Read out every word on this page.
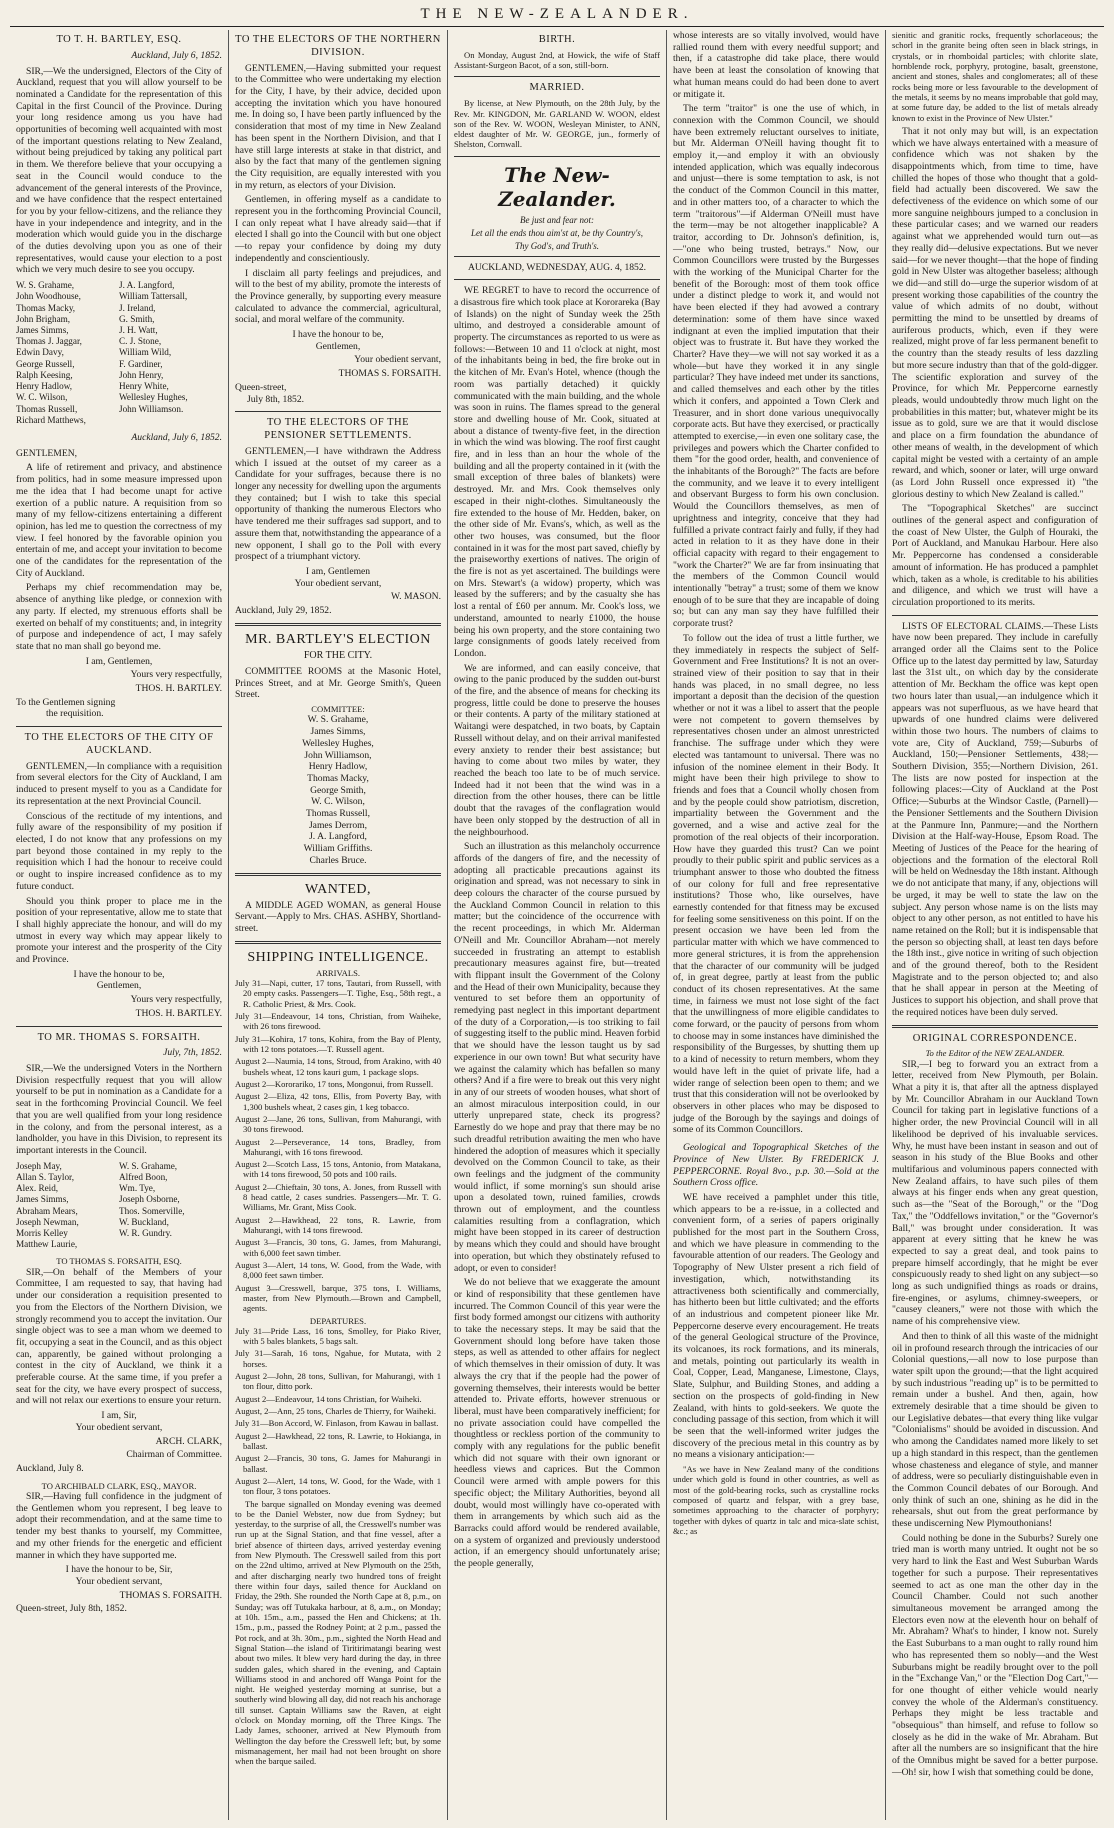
THE NEW-ZEALANDER.
TO T. H. BARTLEY, ESQ.
Auckland, July 6, 1852.

SIR,—We the undersigned, Electors of the City of Auckland, request that you will allow yourself to be nominated a Candidate for the representation of this Capital in the first Council of the Province. During your long residence among us you have had opportunities of becoming well acquainted with most of the important questions relating to New Zealand, without being prejudiced by taking any political part in them. We therefore believe that your occupying a seat in the Council would conduce to the advancement of the general interests of the Province, and we have confidence that the respect entertained for you by your fellow-citizens, and the reliance they have in your independence and integrity, and in the moderation which would guide you in the discharge of the duties devolving upon you as one of their representatives, would cause your election to a post which we very much desire to see you occupy.

W. S. Grahame,
John Woodhouse,
Thomas Macky,
John Brigham,
James Simms,
Thomas J. Jaggar,
Edwin Davy,
George Russell,
Ralph Keesing,
Henry Hadlow,
W. C. Wilson,
Thomas Russell,
Richard Matthews,
J. A. Langford,
William Tattersall,
J. Ireland,
G. Smith,
J. H. Watt,
C. J. Stone,
William Wild,
F. Gardiner,
John Henry,
Henry White,
Wellesley Hughes,
John Williamson.
Auckland, July 6, 1852.
GENTLEMEN,

A life of retirement and privacy, and abstinence from politics, had in some measure impressed upon me the idea that I had become unapt for active exertion of a public nature. A requisition from so many of my fellow-citizens entertaining a different opinion, has led me to question the correctness of my view. I feel honored by the favorable opinion you entertain of me, and accept your invitation to become one of the candidates for the representation of the City of Auckland.

Perhaps my chief recommendation may be, absence of anything like pledge, or connexion with any party. If elected, my strenuous efforts shall be exerted on behalf of my constituents; and, in integrity of purpose and independence of act, I may safely state that no man shall go beyond me.

I am, Gentlemen,
Yours very respectfully,
THOS. H. BARTLEY.
To the Gentlemen signing
the requisition.
TO THE ELECTORS OF THE CITY OF AUCKLAND.

GENTLEMEN,—In compliance with a requisition from several electors for the City of Auckland, I am induced to present myself to you as a Candidate for its representation at the next Provincial Council.

Conscious of the rectitude of my intentions, and fully aware of the responsibility of my position if elected, I do not know that any professions on my part beyond those contained in my reply to the requisition which I had the honour to receive could or ought to inspire increased confidence as to my future conduct.

Should you think proper to place me in the position of your representative, allow me to state that I shall highly appreciate the honour, and will do my utmost in every way which may appear likely to promote your interest and the prosperity of the City and Province.

I have the honour to be,
Gentlemen,
Yours very respectfully,
THOS. H. BARTLEY.
TO MR. THOMAS S. FORSAITH.
July, 7th, 1852.

SIR,—We the undersigned Voters in the Northern Division respectfully request that you will allow yourself to be put in nomination as a Candidate for a seat in the forthcoming Provincial Council. We feel that you are well qualified from your long residence in the colony, and from the personal interest, as a landholder, you have in this Division, to represent its important interests in the Council.

Joseph May,
Allan S. Taylor,
Alex. Reid,
James Simms,
Abraham Mears,
Joseph Newman,
Morris Kelley
Matthew Laurie,
W. S. Grahame,
Alfred Boon,
Wm. Tye,
Joseph Osborne,
Thos. Somerville,
W. Buckland,
W. R. Gundry.
TO THOMAS S. FORSAITH, ESQ.

SIR,—On behalf of the Members of your Committee, I am requested to say, that having had under our consideration a requisition presented to you from the Electors of the Northern Division, we strongly recommend you to accept the invitation. Our single object was to see a man whom we deemed to fit, occupying a seat in the Council, and as this object can, apparently, be gained without prolonging a contest in the city of Auckland, we think it a preferable course. At the same time, if you prefer a seat for the city, we have every prospect of success, and will not relax our exertions to ensure your return.

I am, Sir,
Your obedient servant,
ARCH. CLARK,
Chairman of Committee.
Auckland, July 8.
TO ARCHIBALD CLARK, ESQ., MAYOR.

SIR,—Having full confidence in the judgment of the Gentlemen whom you represent, I beg leave to adopt their recommendation, and at the same time to tender my best thanks to yourself, my Committee, and my other friends for the energetic and efficient manner in which they have supported me.

I have the honour to be, Sir,
Your obedient servant,
THOMAS S. FORSAITH.
Queen-street, July 8th, 1852.
TO THE ELECTORS OF THE NORTHERN DIVISION.

GENTLEMEN,—Having submitted your request to the Committee who were undertaking my election for the City, I have, by their advice, decided upon accepting the invitation which you have honoured me. In doing so, I have been partly influenced by the consideration that most of my time in New Zealand has been spent in the Northern Division, and that I have still large interests at stake in that district, and also by the fact that many of the gentlemen signing the City requisition, are equally interested with you in my return, as electors of your Division.

Gentlemen, in offering myself as a candidate to represent you in the forthcoming Provincial Council, I can only repeat what I have already said—that if elected I shall go into the Council with but one object—to repay your confidence by doing my duty independently and conscientiously.

I disclaim all party feelings and prejudices, and will to the best of my ability, promote the interests of the Province generally, by supporting every measure calculated to advance the commercial, agricultural, social, and moral welfare of the community.

I have the honour to be,
Gentlemen,
Your obedient servant,
THOMAS S. FORSAITH.
Queen-street,
July 8th, 1852.
TO THE ELECTORS OF THE PENSIONER SETTLEMENTS.

GENTLEMEN,—I have withdrawn the Address which I issued at the outset of my career as a Candidate for your suffrages, because there is no longer any necessity for dwelling upon the arguments they contained; but I wish to take this special opportunity of thanking the numerous Electors who have tendered me their suffrages sad support, and to assure them that, notwithstanding the appearance of a new opponent, I shall go to the Poll with every prospect of a triumphant victory.

I am, Gentlemen
Your obedient servant,
W. MASON.
Auckland, July 29, 1852.
MR. BARTLEY'S ELECTION
FOR THE CITY.

COMMITTEE ROOMS at the Masonic Hotel, Princes Street, and at Mr. George Smith's, Queen Street.

COMMITTEE:
W. S. Grahame,
James Simms,
Wellesley Hughes,
John Williamson,
Henry Hadlow,
Thomas Macky,
George Smith,
W. C. Wilson,
Thomas Russell,
James Derrom,
J. A. Langford,
William Griffiths.
Charles Bruce.
WANTED,

A MIDDLE AGED WOMAN, as general House Servant.—Apply to Mrs. CHAS. ASHBY, Shortland-street.

SHIPPING INTELLIGENCE.
ARRIVALS.
July 31—Napi, cutter, 17 tons, Tautari, from Russell, with 20 empty casks. Passengers—T. Tighe, Esq., 58th regt., a R. Catholic Priest, & Mrs. Cook.
July 31—Endeavour, 14 tons, Christian, from Waiheke, with 26 tons firewood.
July 31—Kohira, 17 tons, Kohira, from the Bay of Plenty, with 12 tons potatoes.—T. Russell agent.
August 2—Naumia, 14 tons, Stroud, from Arakino, with 40 bushels wheat, 12 tons kauri gum, 1 package slops.
August 2—Kororariko, 17 tons, Mongonui, from Russell.
August 2—Eliza, 42 tons, Ellis, from Poverty Bay, with 1,300 bushels wheat, 2 cases gin, 1 keg tobacco.
August 2—Jane, 26 tons, Sullivan, from Mahurangi, with 30 tons firewood.
August 2—Perseverance, 14 tons, Bradley, from Mahurangi, with 16 tons firewood.
August 2—Scotch Lass, 15 tons, Antonio, from Matakana, with 14 tons firewood, 50 pots and 100 rails.
August 2—Chieftain, 30 tons, A. Jones, from Russell with 8 head cattle, 2 cases sundries. Passengers—Mr. T. G. Williams, Mr. Grant, Miss Cook.
August 2—Hawkhead, 22 tons, R. Lawrie, from Mahurangi, with 14 tons firewood.
August 3—Francis, 30 tons, G. James, from Mahurangi, with 6,000 feet sawn timber.
August 3—Alert, 14 tons, W. Good, from the Wade, with 8,000 feet sawn timber.
August 3—Cresswell, barque, 375 tons, I. Williams, master, from New Plymouth.—Brown and Campbell, agents.
DEPARTURES.
July 31—Pride Lass, 16 tons, Smolley, for Piako River, with 5 bales blankets, 5 bags salt.
July 31—Sarah, 16 tons, Ngahue, for Mutata, with 2 horses.
August 2—John, 28 tons, Sullivan, for Mahurangi, with 1 ton flour, ditto pork.
August 2—Endeavour, 14 tons Christian, for Waiheki.
August, 2—Ann, 25 tons, Charles de Thierry, for Waiheki.
July 31—Bon Accord, W. Finlason, from Kawau in ballast.
August 2—Hawkhead, 22 tons, R. Lawrie, to Hokianga, in ballast.
August 2—Francis, 30 tons, G. James for Mahurangi in ballast.
August 2—Alert, 14 tons, W. Good, for the Wade, with 1 ton flour, 3 tons potatoes.

The barque signalled on Monday evening was deemed to be the Daniel Webster, now due from Sydney; but yesterday, to the surprise of all, the Cresswell's number was run up at the Signal Station, and that fine vessel, after a brief absence of thirteen days, arrived yesterday evening from New Plymouth. The Cresswell sailed from this port on the 22nd ultimo, arrived at New Plymouth on the 25th, and after discharging nearly two hundred tons of freight there within four days, sailed thence for Auckland on Friday, the 29th. She rounded the North Cape at 8, p.m., on Sunday; was off Tutukaka harbour, at 8, a.m., on Monday; at 10h. 15m., a.m., passed the Hen and Chickens; at 1h. 15m., p.m., passed the Rodney Point; at 2 p.m., passed the Pot rock, and at 3h. 30m., p.m., sighted the North Head and Signal Station—the island of Tiritirimatangi bearing west about two miles. It blew very hard during the day, in three sudden gales, which shared in the evening, and Captain Williams stood in and anchored off Wanga Point for the night. He weighed yesterday morning at sunrise, but a southerly wind blowing all day, did not reach his anchorage till sunset. Captain Williams saw the Raven, at eight o'clock on Monday morning, off the Three Kings. The Lady James, schooner, arrived at New Plymouth from Wellington the day before the Cresswell left; but, by some mismanagement, her mail had not been brought on shore when the barque sailed.

BIRTH.

On Monday, August 2nd, at Howick, the wife of Staff Assistant-Surgeon Bacot, of a son, still-born.

MARRIED.

By license, at New Plymouth, on the 28th July, by the Rev. Mr. KINGDON, Mr. GARLAND W. WOON, eldest son of the Rev. W. WOON, Wesleyan Minister, to ANN, eldest daughter of Mr. W. GEORGE, jun., formerly of Shelston, Cornwall.

The New-Zealander.
Be just and fear not:
Let all the ends thou aim'st at, be thy Country's,
Thy God's, and Truth's.
AUCKLAND, WEDNESDAY, AUG. 4, 1852.

WE REGRET to have to record the occurrence of a disastrous fire which took place at Kororareka (Bay of Islands) on the night of Sunday week the 25th ultimo, and destroyed a considerable amount of property. The circumstances as reported to us were as follows:—Between 10 and 11 o'clock at night, most of the inhabitants being in bed, the fire broke out in the kitchen of Mr. Evan's Hotel, whence (though the room was partially detached) it quickly communicated with the main building, and the whole was soon in ruins. The flames spread to the general store and dwelling house of Mr. Cook, situated at about a distance of twenty-five feet, in the direction in which the wind was blowing. The roof first caught fire, and in less than an hour the whole of the building and all the property contained in it (with the small exception of three bales of blankets) were destroyed. Mr. and Mrs. Cook themselves only escaped in their night-clothes. Simultaneously the fire extended to the house of Mr. Hedden, baker, on the other side of Mr. Evans's, which, as well as the other two houses, was consumed, but the floor contained in it was for the most part saved, chiefly by the praiseworthy exertions of natives. The origin of the fire is not as yet ascertained. The buildings were on Mrs. Stewart's (a widow) property, which was leased by the sufferers; and by the casualty she has lost a rental of £60 per annum. Mr. Cook's loss, we understand, amounted to nearly £1000, the house being his own property, and the store containing two large consignments of goods lately received from London.

We are informed, and can easily conceive, that owing to the panic produced by the sudden out-burst of the fire, and the absence of means for checking its progress, little could be done to preserve the houses or their contents. A party of the military stationed at Waitangi were despatched, in two boats, by Captain Russell without delay, and on their arrival manifested every anxiety to render their best assistance; but having to come about two miles by water, they reached the beach too late to be of much service. Indeed had it not been that the wind was in a direction from the other houses, there can be little doubt that the ravages of the conflagration would have been only stopped by the destruction of all in the neighbourhood.

Such an illustration as this melancholy occurrence affords of the dangers of fire, and the necessity of adopting all practicable precautions against its origination and spread, was not necessary to sink in deep colours the character of the course pursued by the Auckland Common Council in relation to this matter; but the coincidence of the occurrence with the recent proceedings, in which Mr. Alderman O'Neill and Mr. Councillor Abraham—not merely succeeded in frustrating an attempt to establish precautionary measures against fire, but—treated with flippant insult the Government of the Colony and the Head of their own Municipality, because they ventured to set before them an opportunity of remedying past neglect in this important department of the duty of a Corporation,—is too striking to fail of suggesting itself to the public mind. Heaven forbid that we should have the lesson taught us by sad experience in our own town! But what security have we against the calamity which has befallen so many others? And if a fire were to break out this very night in any of our streets of wooden houses, what short of an almost miraculous interposition could, in our utterly unprepared state, check its progress? Earnestly do we hope and pray that there may be no such dreadful retribution awaiting the men who have hindered the adoption of measures which it specially devolved on the Common Council to take, as their own feelings and the judgment of the community would inflict, if some morning's sun should arise upon a desolated town, ruined families, crowds thrown out of employment, and the countless calamities resulting from a conflagration, which might have been stopped in its career of destruction by means which they could and should have brought into operation, but which they obstinately refused to adopt, or even to consider!

We do not believe that we exaggerate the amount or kind of responsibility that these gentlemen have incurred. The Common Council of this year were the first body formed amongst our citizens with authority to take the necessary steps. It may be said that the Government should long before have taken those steps, as well as attended to other affairs for neglect of which themselves in their omission of duty. It was always the cry that if the people had the power of governing themselves, their interests would be better attended to. Private efforts, however strenuous or liberal, must have been comparatively inefficient; for no private association could have compelled the thoughtless or reckless portion of the community to comply with any regulations for the public benefit which did not square with their own ignorant or heedless views and caprices. But the Common Council were armed with ample powers for this specific object; the Military Authorities, beyond all doubt, would most willingly have co-operated with them in arrangements by which such aid as the Barracks could afford would be rendered available, on a system of organized and previously understood action, if an emergency should unfortunately arise; the people generally,

whose interests are so vitally involved, would have rallied round them with every needful support; and then, if a catastrophe did take place, there would have been at least the consolation of knowing that what human means could do had been done to avert or mitigate it.

The term "traitor" is one the use of which, in connexion with the Common Council, we should have been extremely reluctant ourselves to initiate, but Mr. Alderman O'Neill having thought fit to employ it,—and employ it with an obviously intended application, which was equally indecorous and unjust—there is some temptation to ask, is not the conduct of the Common Council in this matter, and in other matters too, of a character to which the term "traitorous"—if Alderman O'Neill must have the term—may be not altogether inapplicable? A traitor, according to Dr. Johnson's definition, is,—"one who being trusted, betrays." Now, our Common Councillors were trusted by the Burgesses with the working of the Municipal Charter for the benefit of the Borough: most of them took office under a distinct pledge to work it, and would not have been elected if they had avowed a contrary determination: some of them have since waxed indignant at even the implied imputation that their object was to frustrate it. But have they worked the Charter? Have they—we will not say worked it as a whole—but have they worked it in any single particular? They have indeed met under its sanctions, and called themselves and each other by the titles which it confers, and appointed a Town Clerk and Treasurer, and in short done various unequivocally corporate acts. But have they exercised, or practically attempted to exercise,—in even one solitary case, the privileges and powers which the Charter confided to them "for the good order, health, and convenience of the inhabitants of the Borough?" The facts are before the community, and we leave it to every intelligent and observant Burgess to form his own conclusion. Would the Councillors themselves, as men of uprightness and integrity, conceive that they had fulfilled a private contract fairly and fully, if they had acted in relation to it as they have done in their official capacity with regard to their engagement to "work the Charter?" We are far from insinuating that the members of the Common Council would intentionally "betray" a trust; some of them we know enough of to be sure that they are incapable of doing so; but can any man say they have fulfilled their corporate trust?

To follow out the idea of trust a little further, we they immediately in respects the subject of Self-Government and Free Institutions? It is not an over-strained view of their position to say that in their hands was placed, in no small degree, no less important a deposit than the decision of the question whether or not it was a libel to assert that the people were not competent to govern themselves by representatives chosen under an almost unrestricted franchise. The suffrage under which they were elected was tantamount to universal. There was no infusion of the nominee element in their Body. It might have been their high privilege to show to friends and foes that a Council wholly chosen from and by the people could show patriotism, discretion, impartiality between the Government and the governed, and a wise and active zeal for the promotion of the real objects of their incorporation. How have they guarded this trust? Can we point proudly to their public spirit and public services as a triumphant answer to those who doubted the fitness of our colony for full and free representative institutions? Those who, like ourselves, have earnestly contended for that fitness may be excused for feeling some sensitiveness on this point. If on the present occasion we have been led from the particular matter with which we have commenced to more general strictures, it is from the apprehension that the character of our community will be judged of, in great degree, partly at least from the public conduct of its chosen representatives. At the same time, in fairness we must not lose sight of the fact that the unwillingness of more eligible candidates to come forward, or the paucity of persons from whom to choose may in some instances have diminished the responsibility of the Burgesses, by shutting them up to a kind of necessity to return members, whom they would have left in the quiet of private life, had a wider range of selection been open to them; and we trust that this consideration will not be overlooked by observers in other places who may be disposed to judge of the Borough by the sayings and doings of some of its Common Councillors.

Geological and Topographical Sketches of the Province of New Ulster. By FREDERICK J. PEPPERCORNE. Royal 8vo., p.p. 30.—Sold at the Southern Cross office.

WE have received a pamphlet under this title, which appears to be a re-issue, in a collected and convenient form, of a series of papers originally published for the most part in the Southern Cross, and which we have pleasure in commending to the favourable attention of our readers. The Geology and Topography of New Ulster present a rich field of investigation, which, notwithstanding its attractiveness both scientifically and commercially, has hitherto been but little cultivated; and the efforts of an industrious and competent pioneer like Mr. Peppercorne deserve every encouragement. He treats of the general Geological structure of the Province, its volcanoes, its rock formations, and its minerals, and metals, pointing out particularly its wealth in Coal, Copper, Lead, Manganese, Limestone, Clays, Slate, Sulphur, and Building Stones, and adding a section on the prospects of gold-finding in New Zealand, with hints to gold-seekers. We quote the concluding passage of this section, from which it will be seen that the well-informed writer judges the discovery of the precious metal in this country as by no means a visionary anticipation:—

"As we have in New Zealand many of the conditions under which gold is found in other countries, as well as most of the gold-bearing rocks, such as crystalline rocks composed of quartz and felspar, with a grey base, sometimes approaching to the character of porphyry; together with dykes of quartz in talc and mica-slate schist, &c.; as

sienitic and granitic rocks, frequently schorlaceous; the schorl in the granite being often seen in black strings, in crystals, or in rhomboidal particles; with chlorite slate, hornblende rock, porphyry, protogine, basalt, greenstone, ancient and stones, shales and conglomerates; all of these rocks being more or less favourable to the development of the metals, it seems by no means improbable that gold may, at some future day, be added to the list of metals already known to exist in the Province of New Ulster."

That it not only may but will, is an expectation which we have always entertained with a measure of confidence which was not shaken by the disappointments which, from time to time, have chilled the hopes of those who thought that a gold-field had actually been discovered. We saw the defectiveness of the evidence on which some of our more sanguine neighbours jumped to a conclusion in these particular cases; and we warned our readers against what we apprehended would turn out—as they really did—delusive expectations. But we never said—for we never thought—that the hope of finding gold in New Ulster was altogether baseless; although we did—and still do—urge the superior wisdom of at present working those capabilities of the country the value of which admits of no doubt, without permitting the mind to be unsettled by dreams of auriferous products, which, even if they were realized, might prove of far less permanent benefit to the country than the steady results of less dazzling but more secure industry than that of the gold-digger. The scientific exploration and survey of the Province, for which Mr. Peppercorne earnestly pleads, would undoubtedly throw much light on the probabilities in this matter; but, whatever might be its issue as to gold, sure we are that it would disclose and place on a firm foundation the abundance of other means of wealth, in the development of which capital might be vested with a certainty of an ample reward, and which, sooner or later, will urge onward (as Lord John Russell once expressed it) "the glorious destiny to which New Zealand is called."

The "Topographical Sketches" are succinct outlines of the general aspect and configuration of the coast of New Ulster, the Gulph of Houraki, the Port of Auckland, and Manukau Harbour. Here also Mr. Peppercorne has condensed a considerable amount of information. He has produced a pamphlet which, taken as a whole, is creditable to his abilities and diligence, and which we trust will have a circulation proportioned to its merits.

LISTS OF ELECTORAL CLAIMS.—These Lists have now been prepared. They include in carefully arranged order all the Claims sent to the Police Office up to the latest day permitted by law, Saturday last the 31st ult., on which day by the considerate attention of Mr. Beckham the office was kept open two hours later than usual,—an indulgence which it appears was not superfluous, as we have heard that upwards of one hundred claims were delivered within those two hours. The numbers of claims to vote are, City of Auckland, 759;—Suburbs of Auckland, 150;—Pensioner Settlements, 438;—Southern Division, 355;—Northern Division, 261. The lists are now posted for inspection at the following places:—City of Auckland at the Post Office;—Suburbs at the Windsor Castle, (Parnell)—the Pensioner Settlements and the Southern Division at the Panmure Inn, Panmure;—and the Northern Division at the Half-way-House, Epsom Road. The Meeting of Justices of the Peace for the hearing of objections and the formation of the electoral Roll will be held on Wednesday the 18th instant. Although we do not anticipate that many, if any, objections will be urged, it may be well to state the law on the subject. Any person whose name is on the lists may object to any other person, as not entitled to have his name retained on the Roll; but it is indispensable that the person so objecting shall, at least ten days before the 18th inst., give notice in writing of such objection and of the ground thereof, both to the Resident Magistrate and to the person objected to; and also that he shall appear in person at the Meeting of Justices to support his objection, and shall prove that the required notices have been duly served.

ORIGINAL CORRESPONDENCE.
To the Editor of the NEW ZEALANDER.

SIR,—I beg to forward you an extract from a letter, received from New Plymouth, per Bolain. What a pity it is, that after all the aptness displayed by Mr. Councillor Abraham in our Auckland Town Council for taking part in legislative functions of a higher order, the new Provincial Council will in all likelihood be deprived of his invaluable services. Why, he must have been instant in season and out of season in his study of the Blue Books and other multifarious and voluminous papers connected with New Zealand affairs, to have such piles of them always at his finger ends when any great question, such as—the "Seat of the Borough," or the "Dog Tax," the "Oddfellows invitation," or the "Governor's Ball," was brought under consideration. It was apparent at every sitting that he knew he was expected to say a great deal, and took pains to prepare himself accordingly, that he might be ever conspicuously ready to shed light on any subject—so long as such undignified things as roads or drains, fire-engines, or asylums, chimney-sweepers, or "causey cleaners," were not those with which the name of his comprehensive view.

And then to think of all this waste of the midnight oil in profound research through the intricacies of our Colonial questions,—all now to lose purpose than water spilt upon the ground;—that the light acquired by such industrious "reading up" is to be permitted to remain under a bushel. And then, again, how extremely desirable that a time should be given to our Legislative debates—that every thing like vulgar "Colonialisms" should be avoided in discussion. And who among the Candidates named more likely to set up a high standard in this respect, than the gentlemen whose chasteness and elegance of style, and manner of address, were so peculiarly distinguishable even in the Common Council debates of our Borough. And only think of such an one, shining as he did in the rehearsals, shut out from the great performance by these undiscerning New Plymouthonians!

Could nothing be done in the Suburbs? Surely one tried man is worth many untried. It ought not be so very hard to link the East and West Suburban Wards together for such a purpose. Their representatives seemed to act as one man the other day in the Council Chamber. Could not such another simultaneous movement be arranged among the Electors even now at the eleventh hour on behalf of Mr. Abraham? What's to hinder, I know not. Surely the East Suburbans to a man ought to rally round him who has represented them so nobly—and the West Suburbans might be readily brought over to the poll in the "Exchange Van," or the "Election Dog Cart,"—for one thought of either vehicle would nearly convey the whole of the Alderman's constituency. Perhaps they might be less tractable and "obsequious" than himself, and refuse to follow so closely as he did in the wake of Mr. Abraham. But after all the numbers are so insignificant that the hire of the Omnibus might be saved for a better purpose.—Oh! sir, how I wish that something could be done,
